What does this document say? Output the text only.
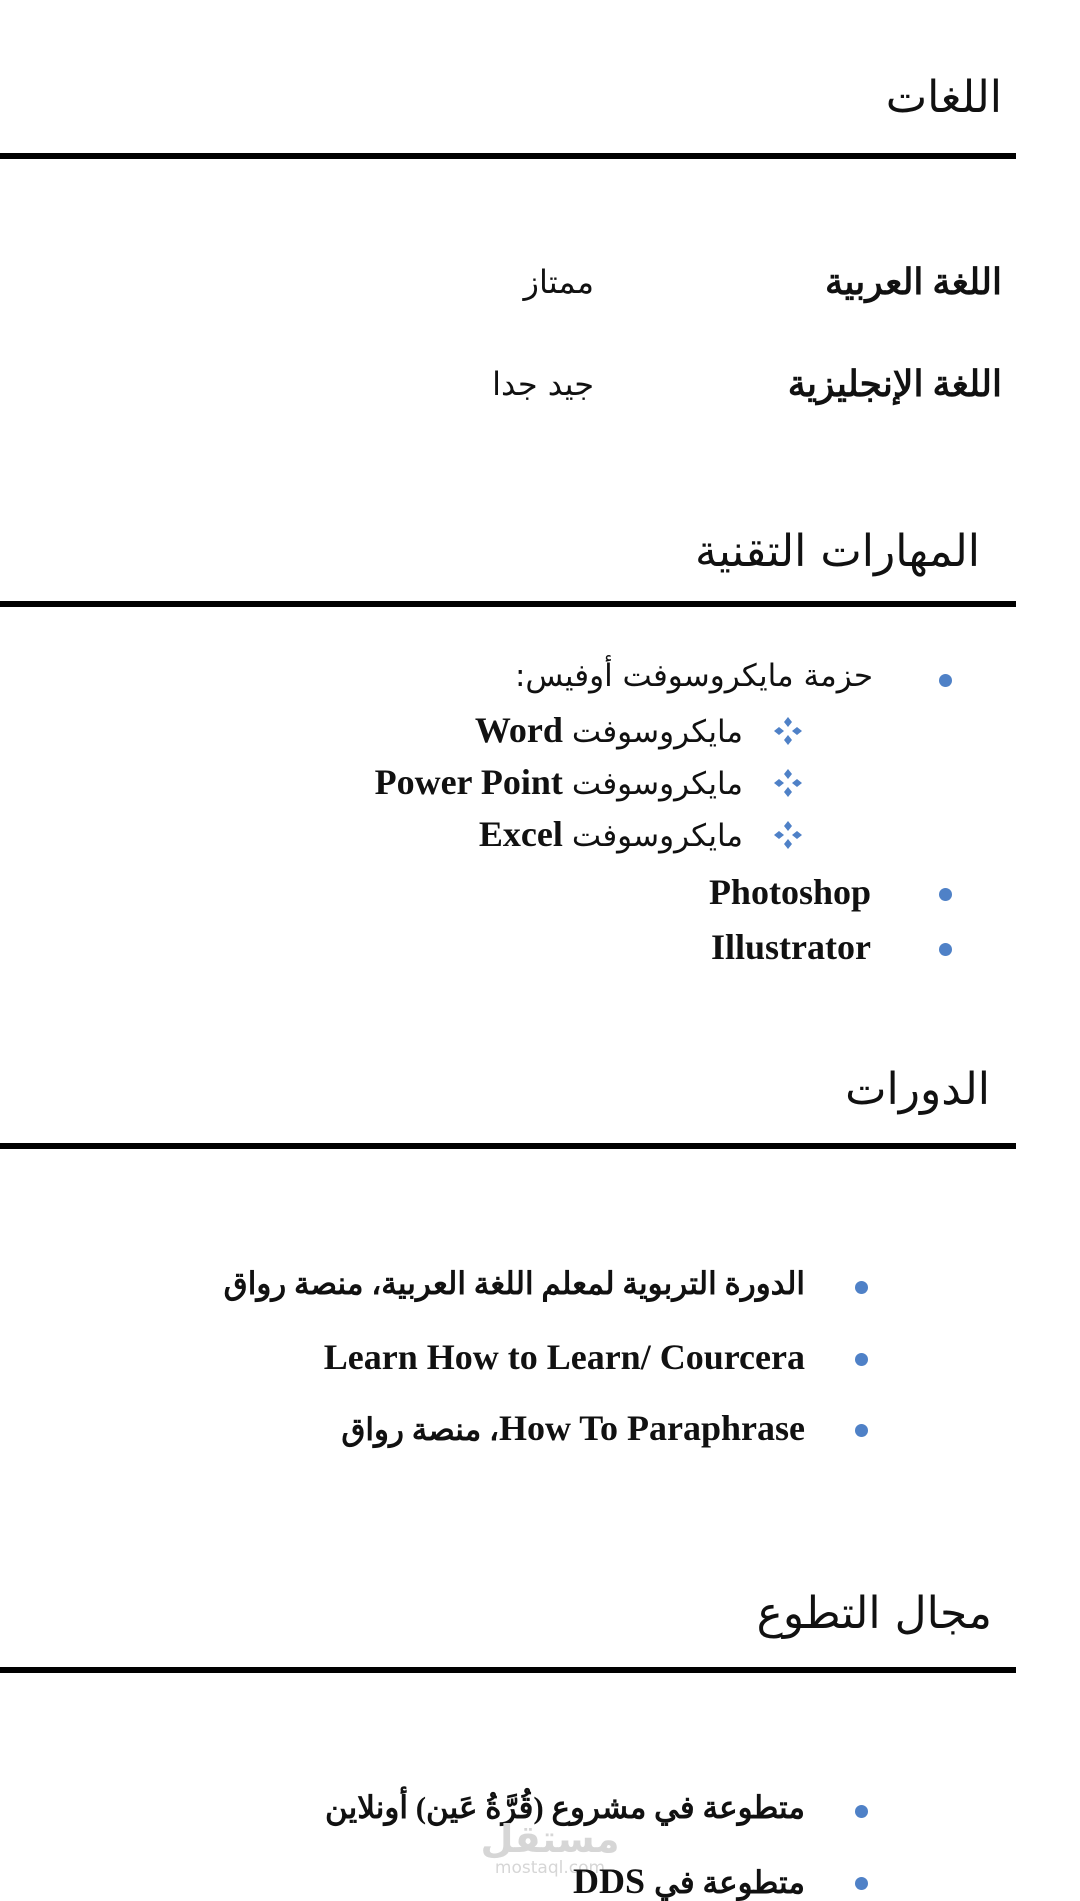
اللغات
اللغة العربية
ممتاز
اللغة الإنجليزية
جيد جدا
المهارات التقنية
حزمة مايكروسوفت أوفيس:
مايكروسوفت Word
مايكروسوفت Power Point
مايكروسوفت Excel
Photoshop
Illustrator
الدورات
الدورة التربوية لمعلم اللغة العربية، منصة رواق
Learn How to Learn/ Courcera
How To Paraphrase، منصة رواق
مجال التطوع
متطوعة في مشروع (قُرَّةُ عَين) أونلاين
مستقل
mostaql.com	متطوعة في DDS
